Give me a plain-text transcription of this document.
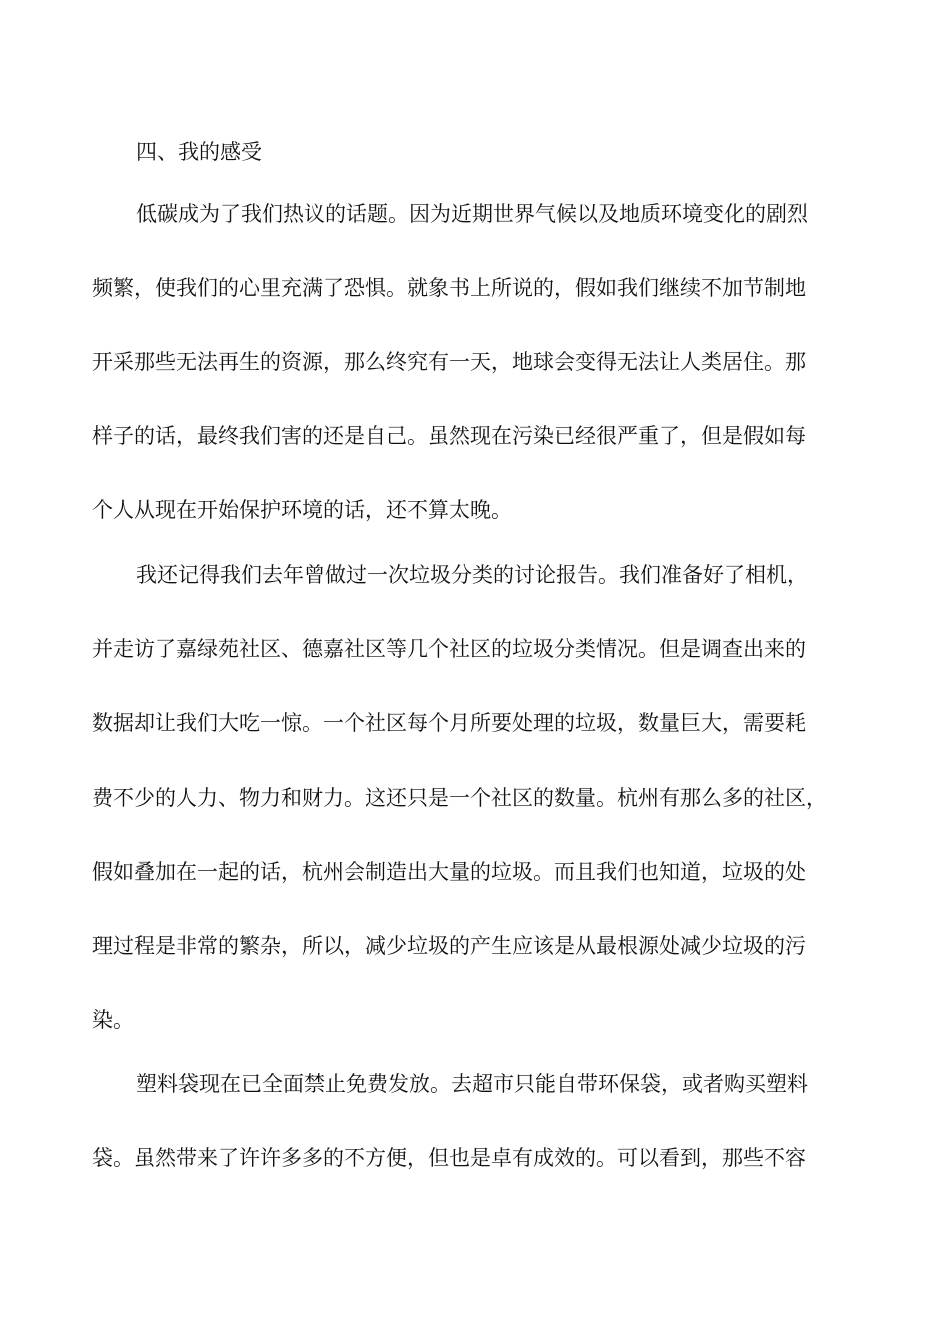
四、我的感受
低碳成为了我们热议的话题。因为近期世界气候以及地质环境变化的剧烈
频繁，使我们的心里充满了恐惧。就象书上所说的，假如我们继续不加节制地
开采那些无法再生的资源，那么终究有一天，地球会变得无法让人类居住。那
样子的话，最终我们害的还是自己。虽然现在污染已经很严重了，但是假如每
个人从现在开始保护环境的话，还不算太晚。
我还记得我们去年曾做过一次垃圾分类的讨论报告。我们准备好了相机，
并走访了嘉绿苑社区、德嘉社区等几个社区的垃圾分类情况。但是调查出来的
数据却让我们大吃一惊。一个社区每个月所要处理的垃圾，数量巨大，需要耗
费不少的人力、物力和财力。这还只是一个社区的数量。杭州有那么多的社区，
假如叠加在一起的话，杭州会制造出大量的垃圾。而且我们也知道，垃圾的处
理过程是非常的繁杂，所以，减少垃圾的产生应该是从最根源处减少垃圾的污
染。
塑料袋现在已全面禁止免费发放。去超市只能自带环保袋，或者购买塑料
袋。虽然带来了许许多多的不方便，但也是卓有成效的。可以看到，那些不容
